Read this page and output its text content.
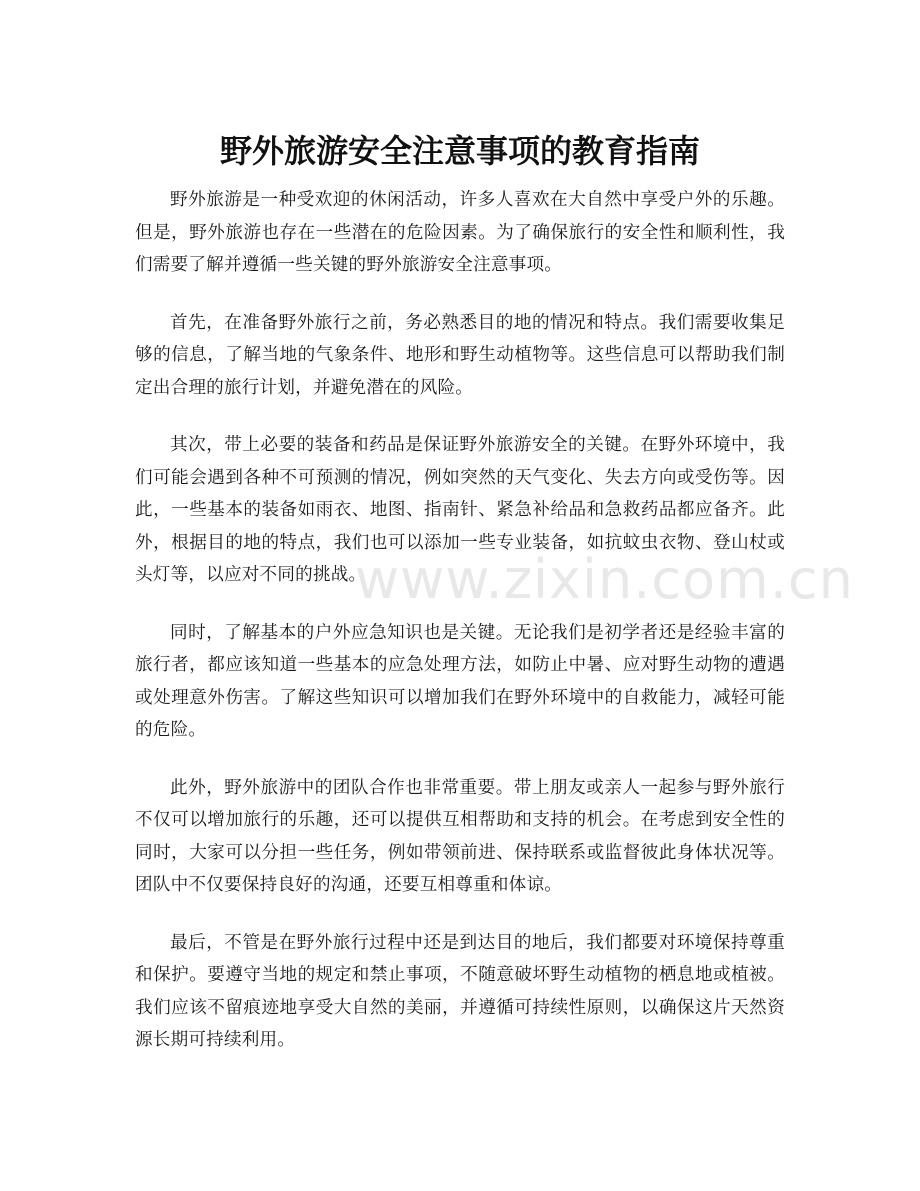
野外旅游安全注意事项的教育指南

野外旅游是一种受欢迎的休闲活动，许多人喜欢在大自然中享受户外的乐趣。但是，野外旅游也存在一些潜在的危险因素。为了确保旅行的安全性和顺利性，我们需要了解并遵循一些关键的野外旅游安全注意事项。

首先，在准备野外旅行之前，务必熟悉目的地的情况和特点。我们需要收集足够的信息，了解当地的气象条件、地形和野生动植物等。这些信息可以帮助我们制定出合理的旅行计划，并避免潜在的风险。

其次，带上必要的装备和药品是保证野外旅游安全的关键。在野外环境中，我们可能会遇到各种不可预测的情况，例如突然的天气变化、失去方向或受伤等。因此，一些基本的装备如雨衣、地图、指南针、紧急补给品和急救药品都应备齐。此外，根据目的地的特点，我们也可以添加一些专业装备，如抗蚊虫衣物、登山杖或头灯等，以应对不同的挑战。

同时，了解基本的户外应急知识也是关键。无论我们是初学者还是经验丰富的旅行者，都应该知道一些基本的应急处理方法，如防止中暑、应对野生动物的遭遇或处理意外伤害。了解这些知识可以增加我们在野外环境中的自救能力，减轻可能的危险。

此外，野外旅游中的团队合作也非常重要。带上朋友或亲人一起参与野外旅行不仅可以增加旅行的乐趣，还可以提供互相帮助和支持的机会。在考虑到安全性的同时，大家可以分担一些任务，例如带领前进、保持联系或监督彼此身体状况等。团队中不仅要保持良好的沟通，还要互相尊重和体谅。

最后，不管是在野外旅行过程中还是到达目的地后，我们都要对环境保持尊重和保护。要遵守当地的规定和禁止事项，不随意破坏野生动植物的栖息地或植被。我们应该不留痕迹地享受大自然的美丽，并遵循可持续性原则，以确保这片天然资源长期可持续利用。

www.zixin.com.cn
